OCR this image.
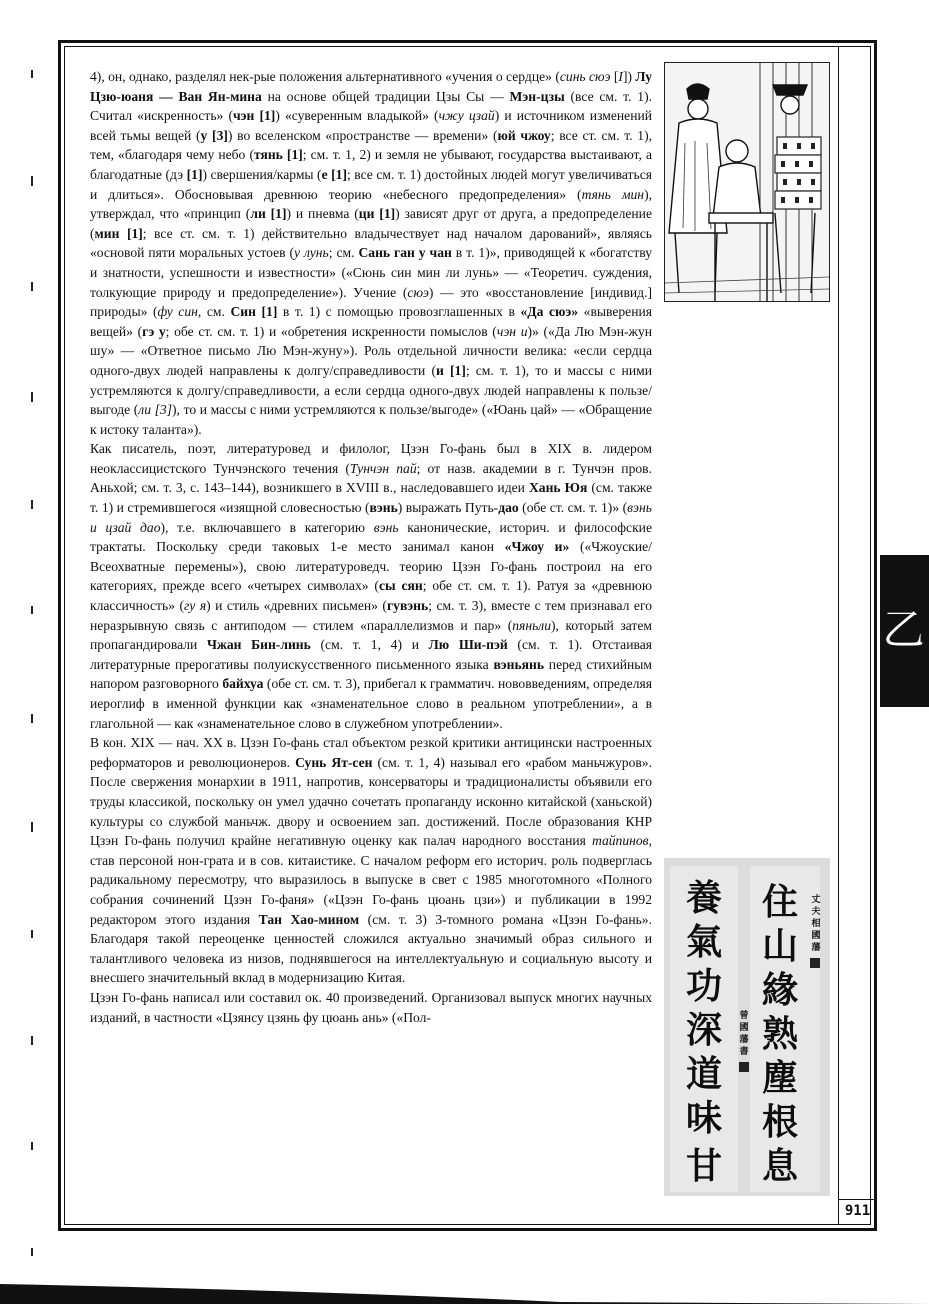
4), он, однако, разделял нек-рые положения альтернативного «учения о сердце» (синь сюэ [I]) Лу Цзю-юаня — Ван Ян-мина на основе общей традиции Цзы Сы — Мэн-цзы (все см. т. 1). Считал «искренность» (чэн [1]) «суверенным владыкой» (чжу цзай) и источником изменений всей тьмы вещей (у [3]) во вселенском «пространстве — времени» (юй чжоу; все ст. см. т. 1), тем, «благодаря чему небо (тянь [1]; см. т. 1, 2) и земля не убывают, государства выстаивают, а благодатные (дэ [1]) свершения/кармы (е [1]; все см. т. 1) достойных людей могут увеличиваться и длиться». Обосновывая древнюю теорию «небесного предопределения» (тянь мин), утверждал, что «принцип (ли [1]) и пневма (ци [1]) зависят друг от друга, а предопределение (мин [1]; все ст. см. т. 1) действительно владычествует над началом дарований», являясь «основой пяти моральных устоев (у лунь; см. Сань ган у чан в т. 1)», приводящей к «богатству и знатности, успешности и известности» («Сюнь син мин ли лунь» — «Теоретич. суждения, толкующие природу и предопределение»). Учение (сюэ) — это «восстановление [индивид.] природы» (фу син, см. Син [1] в т. 1) с помощью провозглашенных в «Да сюэ» «выверения вещей» (гэ у; обе ст. см. т. 1) и «обретения искренности помыслов (чэн и)» («Да Лю Мэн-жун шу» — «Ответное письмо Лю Мэн-жуну»). Роль отдельной личности велика: «если сердца одного-двух людей направлены к долгу/справедливости (и [1]; см. т. 1), то и массы с ними устремляются к долгу/справедливости, а если сердца одного-двух людей направлены к пользе/выгоде (ли [3]), то и массы с ними устремляются к пользе/выгоде» («Юань цай» — «Обращение к истоку таланта»).

Как писатель, поэт, литературовед и филолог, Цзэн Го-фань был в XIX в. лидером неоклассицистского Тунчэнского течения (Тунчэн пай; от назв. академии в г. Тунчэн пров. Аньхой; см. т. 3, с. 143–144), возникшего в XVIII в., наследовавшего идеи Хань Юя (см. также т. 1) и стремившегося «изящной словесностью (вэнь) выражать Путь-дао (обе ст. см. т. 1)» (вэнь и цзай дао), т.е. включавшего в категорию вэнь канонические, историч. и философские трактаты. Поскольку среди таковых 1-е место занимал канон «Чжоу и» («Чжоуские/Всеохватные перемены»), свою литературоведч. теорию Цзэн Го-фань построил на его категориях, прежде всего «четырех символах» (сы сян; обе ст. см. т. 1). Ратуя за «древнюю классичность» (гу я) и стиль «древних письмен» (гувэнь; см. т. 3), вместе с тем признавал его неразрывную связь с антиподом — стилем «параллелизмов и пар» (пяньли), который затем пропагандировали Чжан Бин-линь (см. т. 1, 4) и Лю Ши-пэй (см. т. 1). Отстаивая литературные прерогативы полуискусственного письменного языка вэньянь перед стихийным напором разговорного байхуа (обе ст. см. т. 3), прибегал к грамматич. нововведениям, определяя иероглиф в именной функции как «знаменательное слово в реальном употреблении», а в глагольной — как «знаменательное слово в служебном употреблении».

В кон. XIX — нач. XX в. Цзэн Го-фань стал объектом резкой критики антицински настроенных реформаторов и революционеров. Сунь Ят-сен (см. т. 1, 4) называл его «рабом маньчжуров». После свержения монархии в 1911, напротив, консерваторы и традиционалисты объявили его труды классикой, поскольку он умел удачно сочетать пропаганду исконно китайской (ханьской) культуры со службой маньчж. двору и освоением зап. достижений. После образования КНР Цзэн Го-фань получил крайне негативную оценку как палач народного восстания тайпинов, став персоной нон-грата и в сов. китаистике. С началом реформ его историч. роль подверглась радикальному пересмотру, что выразилось в выпуске в свет с 1985 многотомного «Полного собрания сочинений Цзэн Го-фаня» («Цзэн Го-фань цюань цзи») и публикации в 1992 редактором этого издания Тан Хао-мином (см. т. 3) 3-томного романа «Цзэн Го-фань». Благодаря такой переоценке ценностей сложился актуально значимый образ сильного и талантливого человека из низов, поднявшегося на интеллектуальную и социальную высоту и внесшего значительный вклад в модернизацию Китая.

Цзэн Го-фань написал или составил ок. 40 произведений. Организовал выпуск многих научных изданий, в частности «Цзянсу цзянь фу цюань ань» («Пол-

養
氣
功
深
道
味
甘
住
山
緣
熟
塵
根
息
丈
夫
相
國
藩
曾
國
藩
書
乙
911
